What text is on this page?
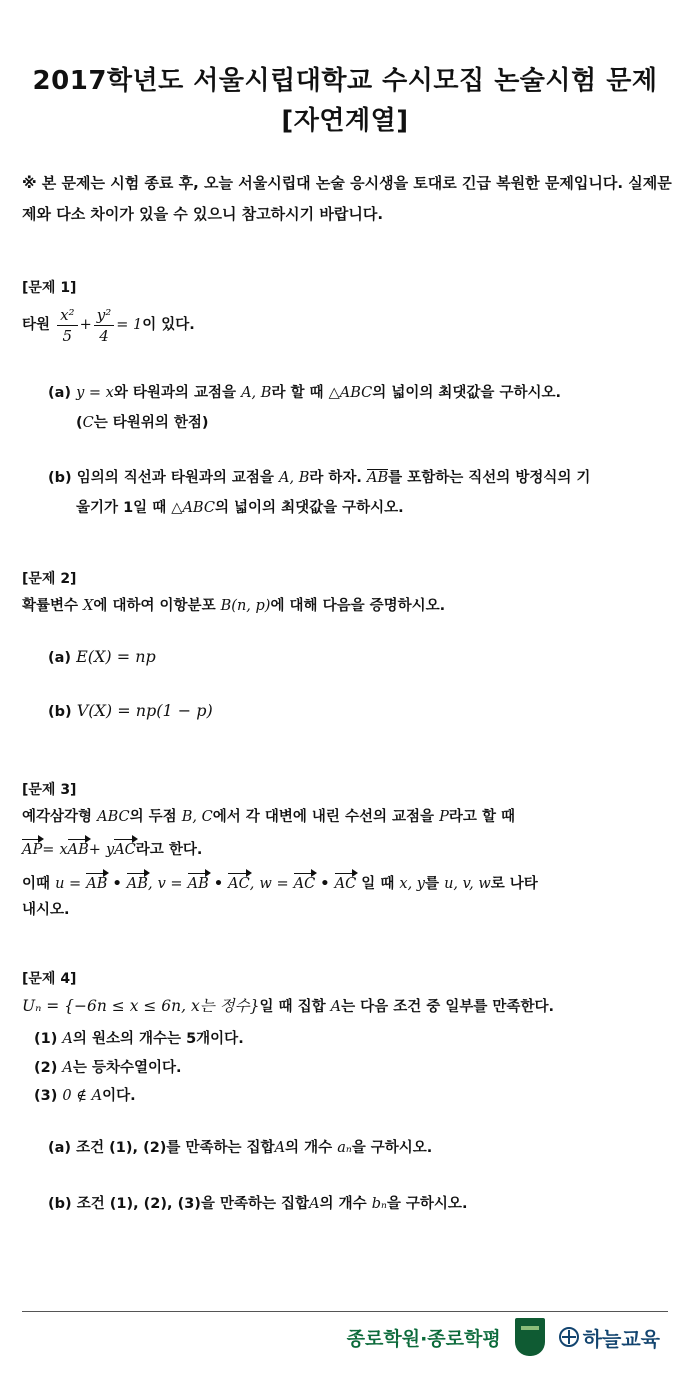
2017학년도 서울시립대학교 수시모집 논술시험 문제
[자연계열]
※ 본 문제는 시험 종료 후, 오늘 서울시립대 논술 응시생을 토대로 긴급 복원한 문제입니다. 실제문제와 다소 차이가 있을 수 있으니 참고하시기 바랍니다.
[문제 1]
타원 $\frac{\text{x²}}{5} + \frac{\text{y²}}{4} = 1$이 있다.
(a) y = x와 타원과의 교점을 A, B라 할 때 △ABC의 넓이의 최댓값을 구하시오.
(C는 타원위의 한점)
(b) 임의의 직선과 타원과의 교점을 A, B라 하자. AB를 포함하는 직선의 방정식의 기
울기가 1일 때 △ABC의 넓이의 최댓값을 구하시오.
[문제 2]
확률변수 X에 대하여 이항분포 B(n, p)에 대해 다음을 증명하시오.
(a) E(X) = np
(b) V(X) = np(1 − p)
[문제 3]
예각삼각형 ABC의 두점 B, C에서 각 대변에 내린 수선의 교점을 P라고 할 때
AP= xAB+ yAC라고 한다.
이때 u = AB • AB, v = AB • AC, w = AC • AC 일 때 x, y를 u, v, w로 나타
내시오.
[문제 4]
Uₙ = {−6n ≤ x ≤ 6n, x는 정수}일 때 집합 A는 다음 조건 중 일부를 만족한다.
(1) A의 원소의 개수는 5개이다.
(2) A는 등차수열이다.
(3) 0 ∉ A이다.
(a) 조건 (1), (2)를 만족하는 집합A의 개수 aₙ을 구하시오.
(b) 조건 (1), (2), (3)을 만족하는 집합A의 개수 bₙ을 구하시오.
종로학원·종로학평	하늘교육
